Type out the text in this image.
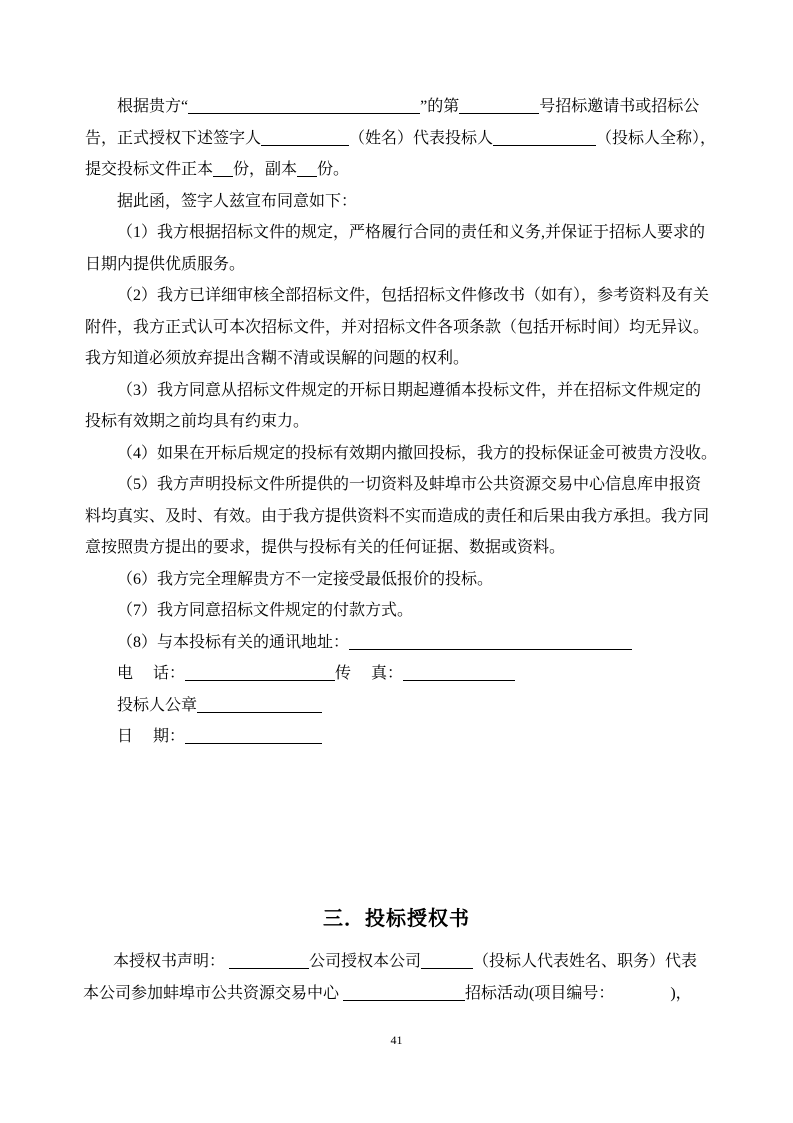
根据贵方“	”的第	号招标邀请书或招标公
告，正式授权下述签字人	（姓名）代表投标人	（投标人全称），
提交投标文件正本 份，副本 份。
据此函，签字人兹宣布同意如下：
（1）我方根据招标文件的规定，严格履行合同的责任和义务,并保证于招标人要求的
日期内提供优质服务。
（2）我方已详细审核全部招标文件，包括招标文件修改书（如有），参考资料及有关
附件，我方正式认可本次招标文件，并对招标文件各项条款（包括开标时间）均无异议。
我方知道必须放弃提出含糊不清或误解的问题的权利。
（3）我方同意从招标文件规定的开标日期起遵循本投标文件，并在招标文件规定的
投标有效期之前均具有约束力。
（4）如果在开标后规定的投标有效期内撤回投标，我方的投标保证金可被贵方没收。
（5）我方声明投标文件所提供的一切资料及蚌埠市公共资源交易中心信息库申报资
料均真实、及时、有效。由于我方提供资料不实而造成的责任和后果由我方承担。我方同
意按照贵方提出的要求，提供与投标有关的任何证据、数据或资料。
（6）我方完全理解贵方不一定接受最低报价的投标。
（7）我方同意招标文件规定的付款方式。
（8）与本投标有关的通讯地址：
电　 话：	传　 真：
投标人公章
日　 期：
三．投标授权书
本授权书声明：	公司授权本公司	（投标人代表姓名、职务）代表
本公司参加蚌埠市公共资源交易中心	招标活动(项目编号：　　　　)，
41
